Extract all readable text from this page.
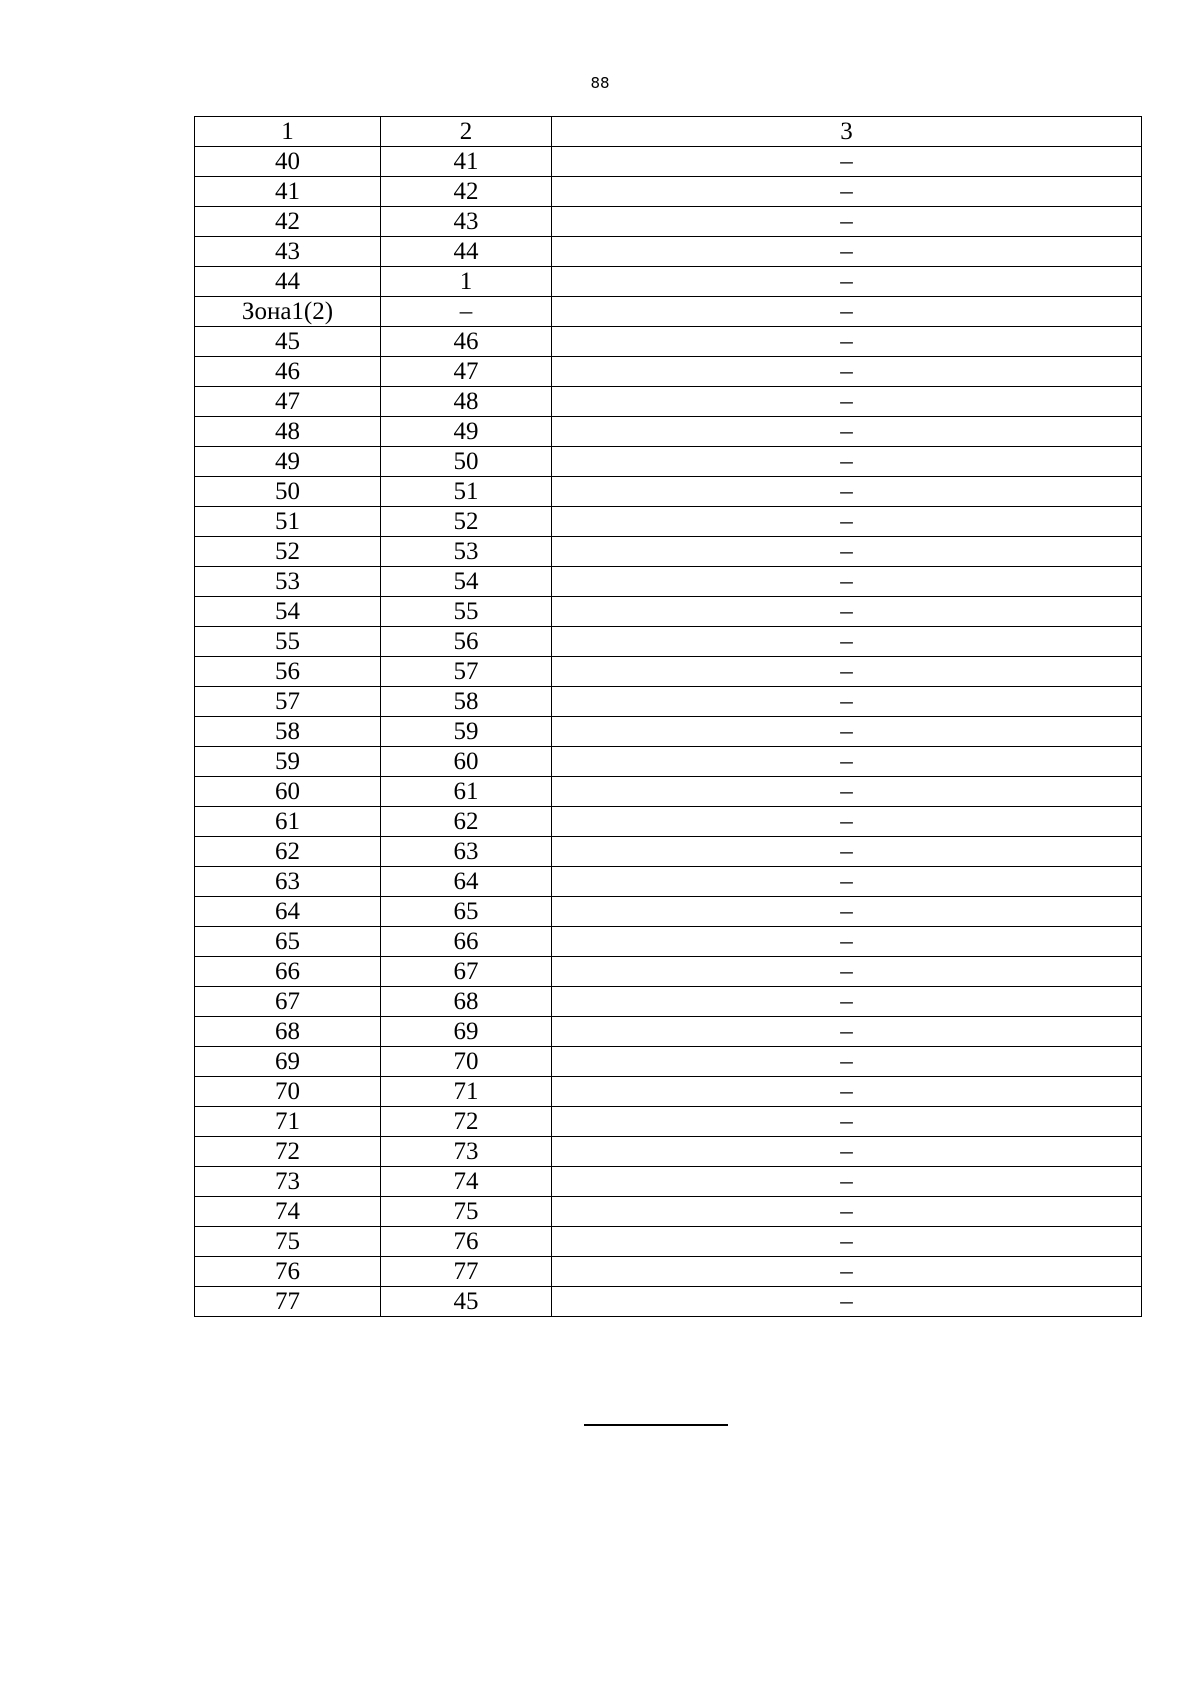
88
1	2	3
40	41	–
41	42	–
42	43	–
43	44	–
44	1	–
Зона1(2)	–	–
45	46	–
46	47	–
47	48	–
48	49	–
49	50	–
50	51	–
51	52	–
52	53	–
53	54	–
54	55	–
55	56	–
56	57	–
57	58	–
58	59	–
59	60	–
60	61	–
61	62	–
62	63	–
63	64	–
64	65	–
65	66	–
66	67	–
67	68	–
68	69	–
69	70	–
70	71	–
71	72	–
72	73	–
73	74	–
74	75	–
75	76	–
76	77	–
77	45	–
